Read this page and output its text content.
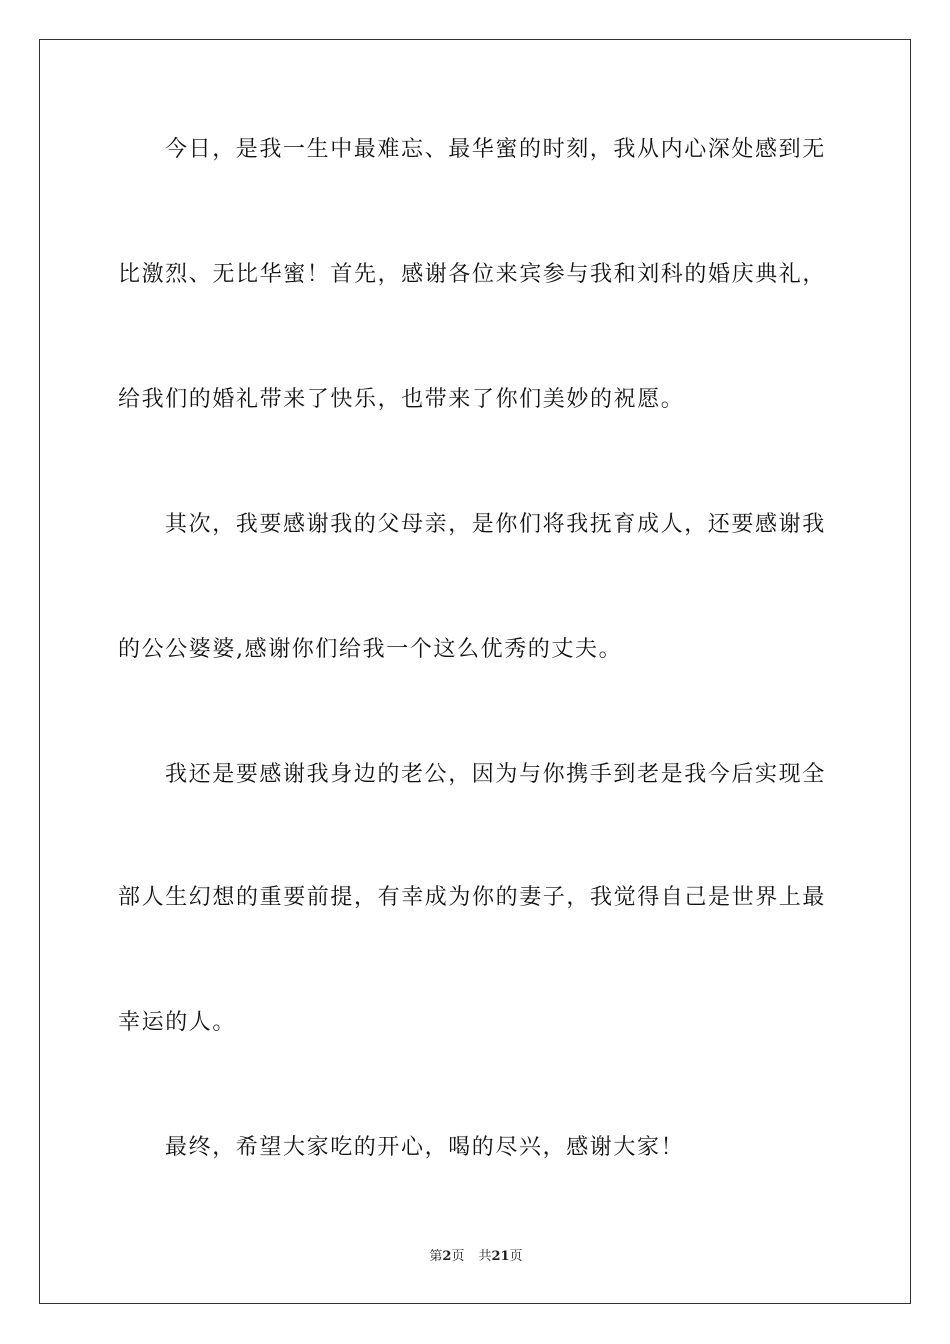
今日，是我一生中最难忘、最华蜜的时刻，我从内心深处感到无
比激烈、无比华蜜！首先，感谢各位来宾参与我和刘科的婚庆典礼，
给我们的婚礼带来了快乐，也带来了你们美妙的祝愿。
其次，我要感谢我的父母亲，是你们将我抚育成人，还要感谢我
的公公婆婆,感谢你们给我一个这么优秀的丈夫。
我还是要感谢我身边的老公，因为与你携手到老是我今后实现全
部人生幻想的重要前提，有幸成为你的妻子，我觉得自己是世界上最
幸运的人。
最终，希望大家吃的开心，喝的尽兴，感谢大家！
第2页 共21页
